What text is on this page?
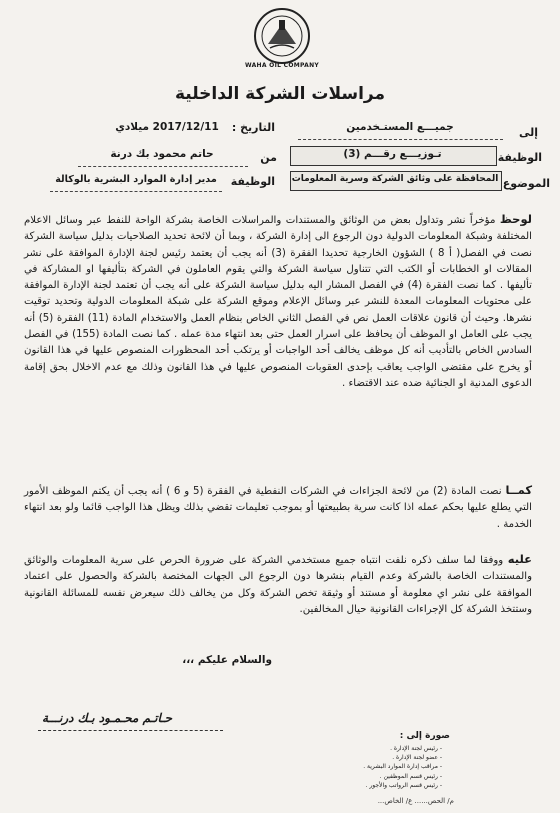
WAHA OIL COMPANY
مراسلات الشركة الداخلية
إلى
جميـــع المستـخدمين
التاريخ :
2017/12/11 ميلادي
الوظيفة
تـوزيـــع رقـــم (3)
من
حاتم محمود بك درنة
الموضوع
المحافظة على وثائق الشركة وسرية المعلومات
الوظيفة
مدير إدارة الموارد البشرية بالوكالة
لوحظ مؤخراً نشر وتداول بعض من الوثائق والمستندات والمراسلات الخاصة بشركة الواحة للنفط عبر وسائل الاعلام المختلفة وشبكة المعلومات الدولية دون الرجوع الى إدارة الشركة ، وبما أن لائحة تحديد الصلاحيات بدليل سياسة الشركة نصت في الفصل( أ 8 ) الشؤون الخارجية تحديدا الفقرة (3) أنه يجب أن يعتمد رئيس لجنة الإدارة الموافقة على نشر المقالات او الخطابات أو الكتب التي تتناول سياسة الشركة والتي يقوم العاملون في الشركة بتأليفها او المشاركة في تأليفها . كما نصت الفقرة (4) في الفصل المشار اليه بدليل سياسة الشركة على أنه يجب أن تعتمد لجنة الإدارة الموافقة على محتويات المعلومات المعدة للنشر عبر وسائل الإعلام وموقع الشركة على شبكة المعلومات الدولية وتحديد توقيت نشرها. وحيث أن قانون علاقات العمل نص في الفصل الثاني الخاص بنظام العمل والاستخدام المادة (11) الفقرة (5) أنه يجب على العامل او الموظف أن يحافظ على اسرار العمل حتى بعد انتهاء مدة عمله . كما نصت المادة (155) في الفصل السادس الخاص بالتأديب أنه كل موظف يخالف أحد الواجبات أو يرتكب أحد المحظورات المنصوص عليها في هذا القانون أو يخرج على مقتضى الواجب يعاقب بإحدى العقوبات المنصوص عليها في هذا القانون وذلك مع عدم الاخلال بحق إقامة الدعوى المدنية او الجنائية ضده عند الاقتضاء .
كمــا نصت المادة (2) من لائحة الجزاءات في الشركات النفطية في الفقرة (5 و 6 ) أنه يجب أن يكتم الموظف الأمور التي يطلع عليها بحكم عمله اذا كانت سرية بطبيعتها أو بموجب تعليمات تقضي بذلك ويظل هذا الواجب قائما ولو بعد انتهاء الخدمة .
عليه ووفقا لما سلف ذكره نلفت انتباه جميع مستخدمي الشركة على ضرورة الحرص على سرية المعلومات والوثائق والمستندات الخاصة بالشركة وعدم القيام بنشرها دون الرجوع الى الجهات المختصة بالشركة والحصول على اعتماد الموافقة على نشر اي معلومة أو مستند أو وثيقة تخص الشركة وكل من يخالف ذلك سيعرض نفسه للمسائلة القانونية وستتخذ الشركة كل الإجراءات القانونية حيال المخالفين.
والسلام عليكم ،،،
حـاتـم محـمـود بـك درنـــة
صورة إلى :
- رئيس لجنة الإدارة .
- عضو لجنة الإدارة .
- مراقب إدارة الموارد البشرية .
- رئيس قسم الموظفين .
- رئيس قسم الرواتب والأجور .
م/ الحص...... ع/ الخاص...
